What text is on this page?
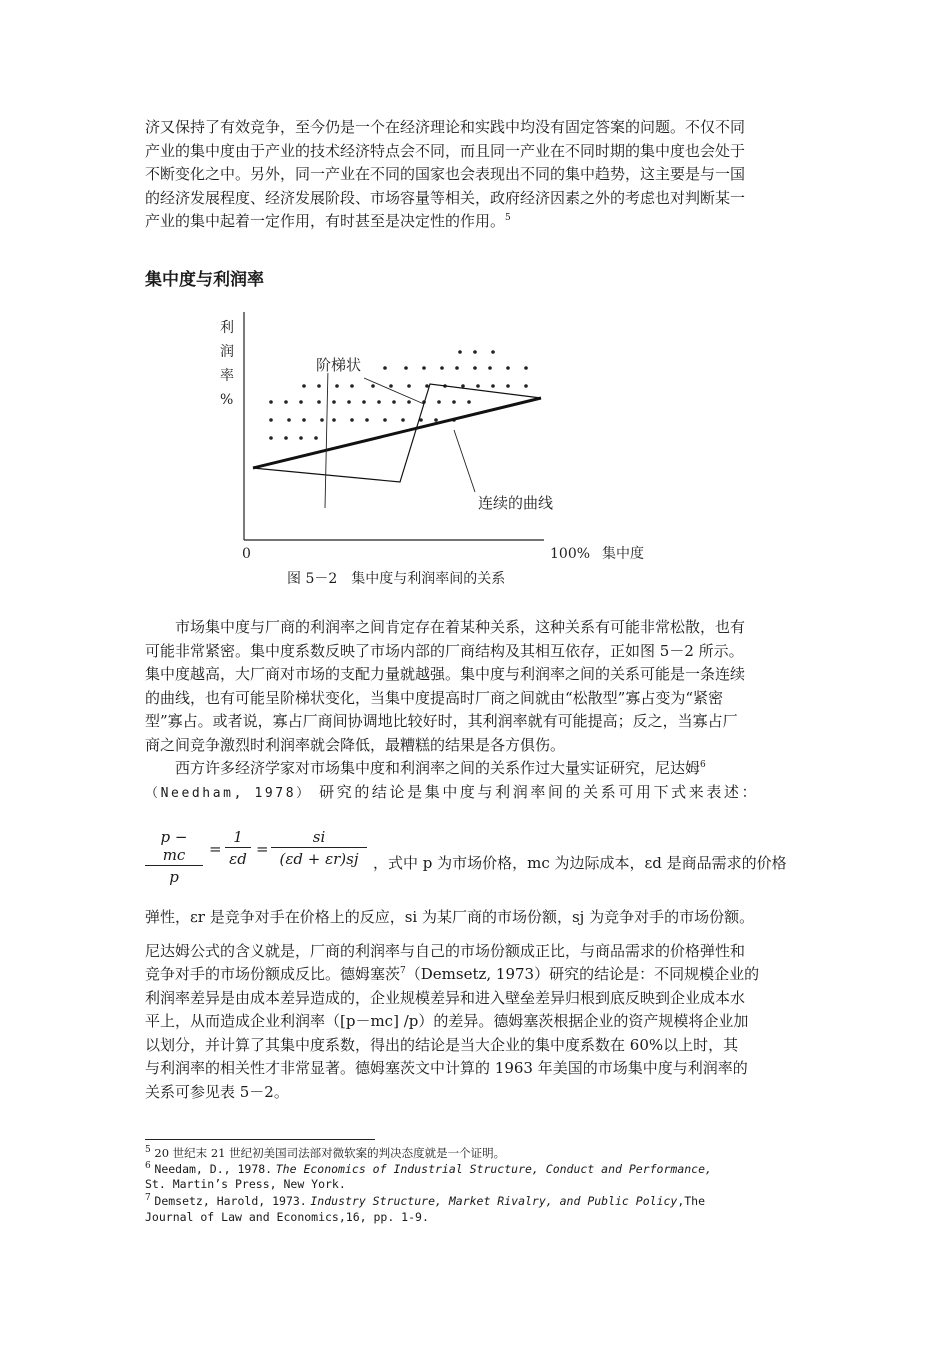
济又保持了有效竞争，至今仍是一个在经济理论和实践中均没有固定答案的问题。不仅不同
产业的集中度由于产业的技术经济特点会不同，而且同一产业在不同时期的集中度也会处于
不断变化之中。另外，同一产业在不同的国家也会表现出不同的集中趋势，这主要是与一国
的经济发展程度、经济发展阶段、市场容量等相关，政府经济因素之外的考虑也对判断某一
产业的集中起着一定作用，有时甚至是决定性的作用。$^5$
集中度与利润率
0	100% 集中度
利
润
率
%
阶梯状
连续的曲线
图 5－2　集中度与利润率间的关系
市场集中度与厂商的利润率之间肯定存在着某种关系，这种关系有可能非常松散，也有
可能非常紧密。集中度系数反映了市场内部的厂商结构及其相互依存，正如图 5－2 所示。
集中度越高，大厂商对市场的支配力量就越强。集中度与利润率之间的关系可能是一条连续
的曲线，也有可能呈阶梯状变化，当集中度提高时厂商之间就由“松散型”寡占变为“紧密
型”寡占。或者说，寡占厂商间协调地比较好时，其利润率就有可能提高；反之，当寡占厂
商之间竞争激烈时利润率就会降低，最糟糕的结果是各方俱伤。
西方许多经济学家对市场集中度和利润率之间的关系作过大量实证研究，尼达姆$^6$
（Needham, 1978） 研究的结论是集中度与利润率间的关系可用下式来表述：
$\frac{p - mc}{p} = \frac{1}{\varepsilon d} = \frac{si}{(\varepsilon d + \varepsilon r)sj}$ ，式中 p 为市场价格，mc 为边际成本，εd 是商品需求的价格
弹性，εr 是竞争对手在价格上的反应，si 为某厂商的市场份额，sj 为竞争对手的市场份额。
尼达姆公式的含义就是，厂商的利润率与自己的市场份额成正比，与商品需求的价格弹性和
竞争对手的市场份额成反比。德姆塞茨$^7$（Demsetz, 1973）研究的结论是：不同规模企业的
利润率差异是由成本差异造成的，企业规模差异和进入壁垒差异归根到底反映到企业成本水
平上，从而造成企业利润率（[p－mc] /p）的差异。德姆塞茨根据企业的资产规模将企业加
以划分，并计算了其集中度系数，得出的结论是当大企业的集中度系数在 60%以上时，其
与利润率的相关性才非常显著。德姆塞茨文中计算的 1963 年美国的市场集中度与利润率的
关系可参见表 5－2。
$^5$ 20 世纪末 21 世纪初美国司法部对微软案的判决态度就是一个证明。
$^6$ Needam, D., 1978. The Economics of Industrial Structure, Conduct and Performance,
St. Martin’s Press, New York.
$^7$ Demsetz, Harold, 1973. Industry Structure, Market Rivalry, and Public Policy,The
Journal of Law and Economics,16, pp. 1-9.
